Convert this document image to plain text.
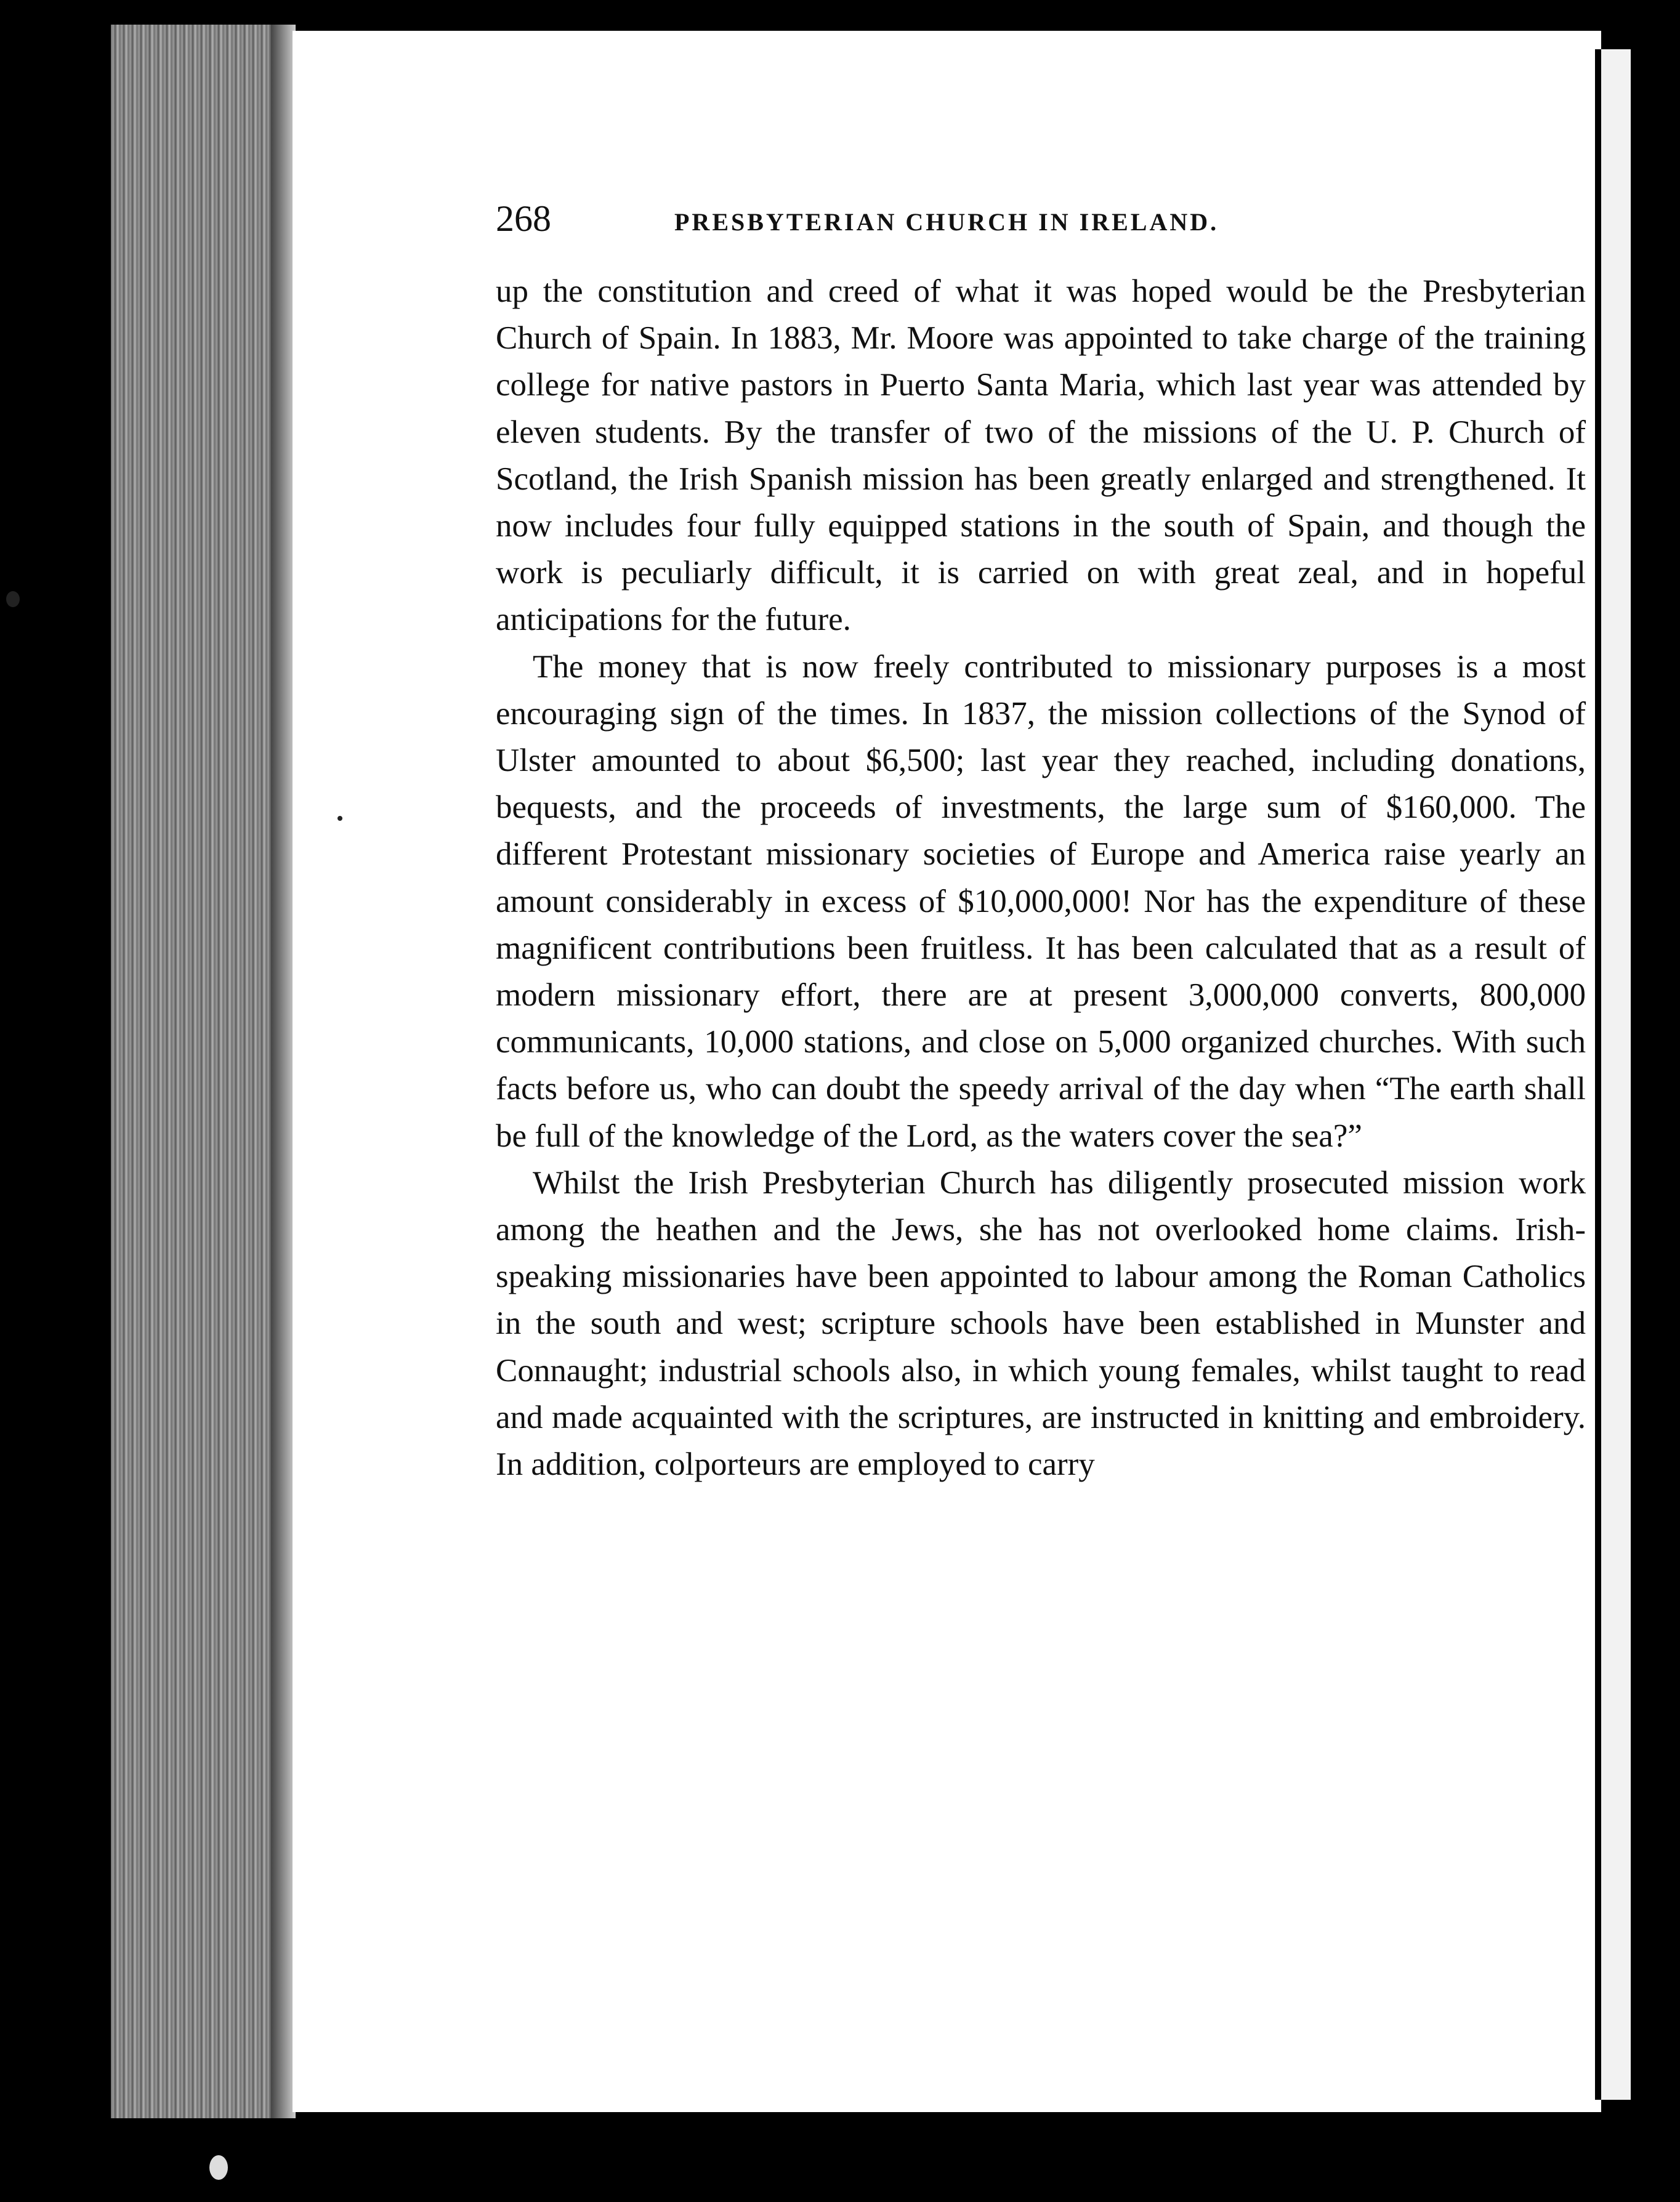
268	PRESBYTERIAN CHURCH IN IRELAND.

up the constitution and creed of what it was hoped would be the Presbyterian Church of Spain. In 1883, Mr. Moore was appointed to take charge of the training college for native pastors in Puerto Santa Maria, which last year was attended by eleven students. By the transfer of two of the missions of the U. P. Church of Scotland, the Irish Spanish mission has been greatly enlarged and strengthened. It now includes four fully equipped stations in the south of Spain, and though the work is peculiarly difficult, it is carried on with great zeal, and in hopeful anticipations for the future.

The money that is now freely contributed to missionary purposes is a most encouraging sign of the times. In 1837, the mission collections of the Synod of Ulster amounted to about $6,500; last year they reached, including donations, bequests, and the proceeds of investments, the large sum of $160,000. The different Protestant missionary societies of Europe and America raise yearly an amount considerably in excess of $10,000,000! Nor has the expenditure of these magnificent contributions been fruitless. It has been calculated that as a result of modern missionary effort, there are at present 3,000,000 converts, 800,000 communicants, 10,000 stations, and close on 5,000 organized churches. With such facts before us, who can doubt the speedy arrival of the day when “The earth shall be full of the knowledge of the Lord, as the waters cover the sea?”

Whilst the Irish Presbyterian Church has diligently prosecuted mission work among the heathen and the Jews, she has not overlooked home claims. Irish-speaking missionaries have been appointed to labour among the Roman Catholics in the south and west; scripture schools have been established in Munster and Connaught; industrial schools also, in which young females, whilst taught to read and made acquainted with the scriptures, are instructed in knitting and embroidery. In addition, colporteurs are employed to carry
